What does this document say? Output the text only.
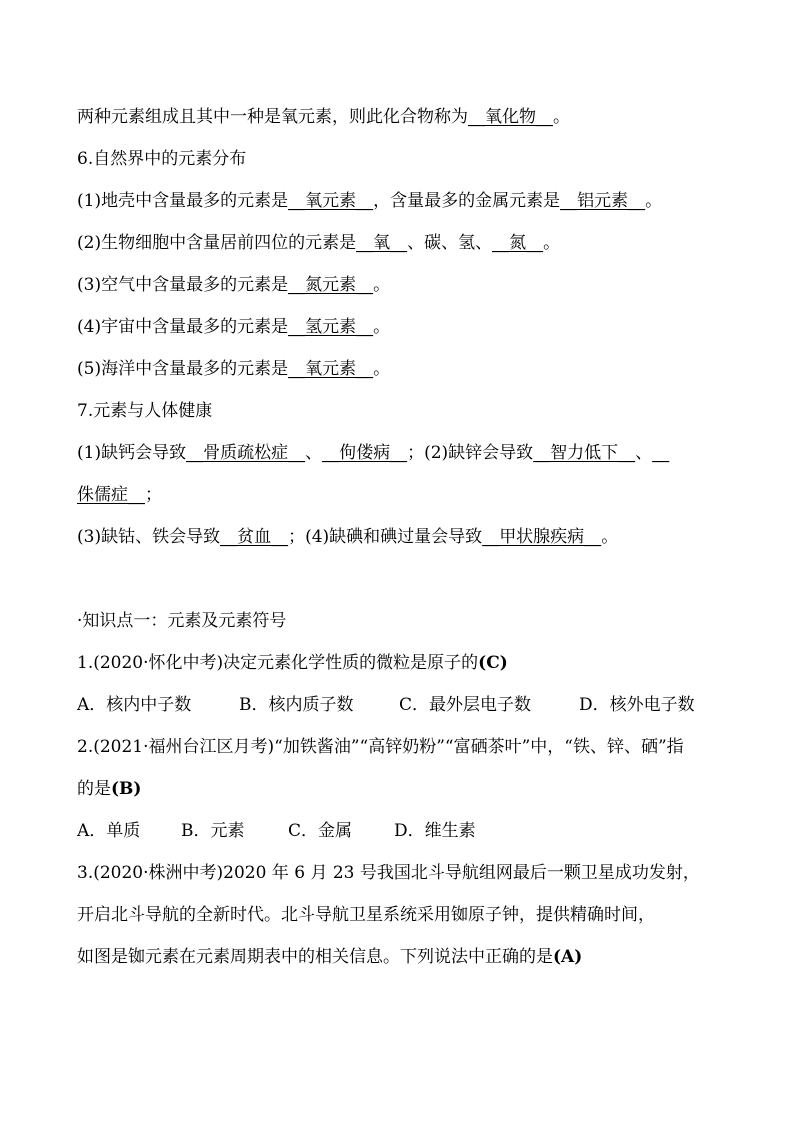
两种元素组成且其中一种是氧元素，则此化合物称为__氧化物__。
6.自然界中的元素分布
(1)地壳中含量最多的元素是__氧元素__，含量最多的金属元素是__铝元素__。
(2)生物细胞中含量居前四位的元素是__氧__、碳、氢、__氮__。
(3)空气中含量最多的元素是__氮元素__。
(4)宇宙中含量最多的元素是__氢元素__。
(5)海洋中含量最多的元素是__氧元素__。
7.元素与人体健康
(1)缺钙会导致__骨质疏松症__、__佝偻病__；(2)缺锌会导致__智力低下__、__
侏儒症__；
(3)缺钴、铁会导致__贫血__；(4)缺碘和碘过量会导致__甲状腺疾病__。
·知识点一：元素及元素符号
1.(2020·怀化中考)决定元素化学性质的微粒是原子的(C)
A．核内中子数	B．核内质子数	C．最外层电子数	D．核外电子数
2.(2021·福州台江区月考)“加铁酱油”“高锌奶粉”“富硒茶叶”中，“铁、锌、硒”指
的是(B)
A．单质 B．元素	C．金属 D．维生素
3.(2020·株洲中考)2020 年 6 月 23 号我国北斗导航组网最后一颗卫星成功发射，
开启北斗导航的全新时代。北斗导航卫星系统采用铷原子钟，提供精确时间，
如图是铷元素在元素周期表中的相关信息。下列说法中正确的是(A)
